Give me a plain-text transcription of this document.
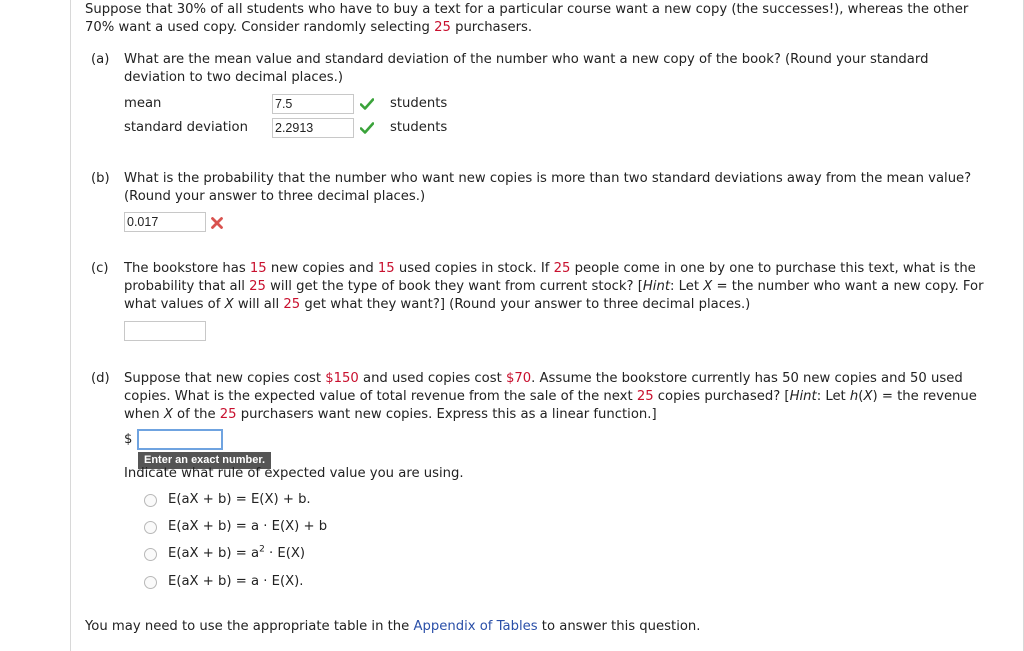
Suppose that 30% of all students who have to buy a text for a particular course want a new copy (the successes!), whereas the other
70% want a used copy. Consider randomly selecting 25 purchasers.
(a) What are the mean value and standard deviation of the number who want a new copy of the book? (Round your standard
deviation to two decimal places.)
mean	7.5	students
standard deviation 2.2913	students
(b) What is the probability that the number who want new copies is more than two standard deviations away from the mean value?
(Round your answer to three decimal places.)
0.017
(c) The bookstore has 15 new copies and 15 used copies in stock. If 25 people come in one by one to purchase this text, what is the
probability that all 25 will get the type of book they want from current stock? [Hint: Let X = the number who want a new copy. For
what values of X will all 25 get what they want?] (Round your answer to three decimal places.)
(d) Suppose that new copies cost $150 and used copies cost $70. Assume the bookstore currently has 50 new copies and 50 used
copies. What is the expected value of total revenue from the sale of the next 25 copies purchased? [Hint: Let h(X) = the revenue
when X of the 25 purchasers want new copies. Express this as a linear function.]
$
Enter an exact number.
Indicate what rule of expected value you are using.
E(aX + b) = E(X) + b.
E(aX + b) = a · E(X) + b
$E(aX + b) = a^2 \cdot E(X)$
E(aX + b) = a · E(X).
You may need to use the appropriate table in the Appendix of Tables to answer this question.
